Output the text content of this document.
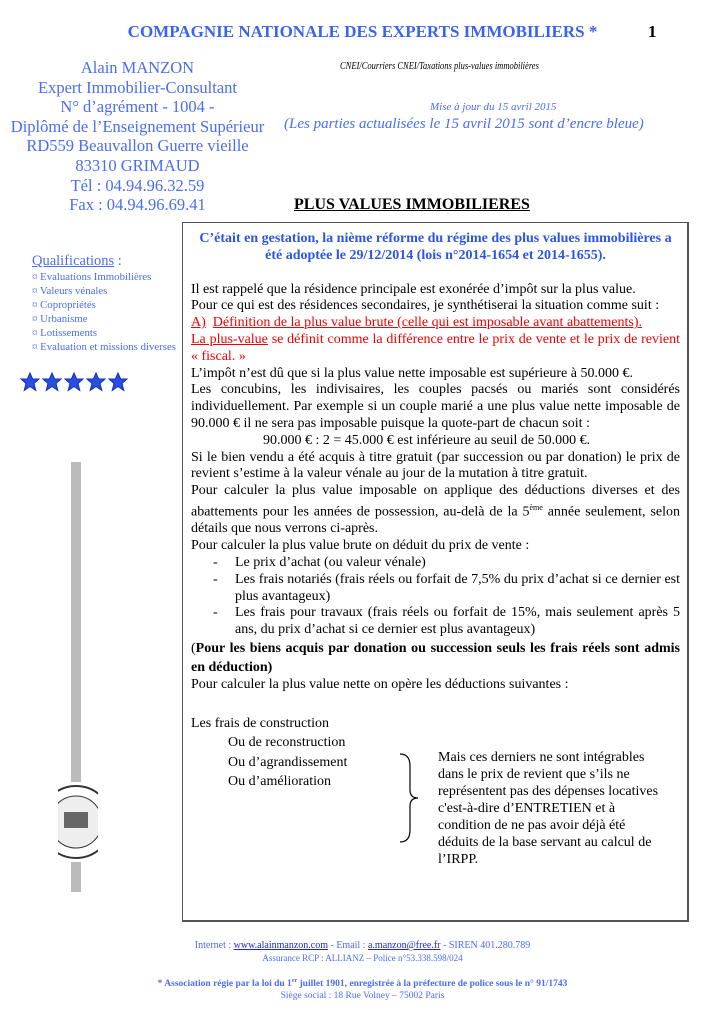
COMPAGNIE NATIONALE DES EXPERTS IMMOBILIERS *	1
Alain MANZON
Expert Immobilier-Consultant
N° d’agrément - 1004 -
Diplômé de l’Enseignement Supérieur
RD559 Beauvallon Guerre vieille
83310 GRIMAUD
Tél : 04.94.96.32.59
Fax : 04.94.96.69.41
CNEI/Courriers CNEI/Taxations plus-values immobilières
Mise à jour du 15 avril 2015
(Les parties actualisées le 15 avril 2015 sont d’encre bleue)
PLUS VALUES IMMOBILIERES
Qualifications :
¤ Evaluations Immobilières
¤ Valeurs vénales
¤ Copropriétés
¤ Urbanisme
¤ Lotissements
¤ Evaluation et missions diverses
C’était en gestation, la nième réforme du régime des plus values immobilières a été adoptée le 29/12/2014 (lois n°2014-1654 et 2014-1655).
Il est rappelé que la résidence principale est exonérée d’impôt sur la plus value.
Pour ce qui est des résidences secondaires, je synthétiserai la situation comme suit :
A) Définition de la plus value brute (celle qui est imposable avant abattements).
La plus-value se définit comme la différence entre le prix de vente et le prix de revient « fiscal. »
L’impôt n’est dû que si la plus value nette imposable est supérieure à 50.000 €.
Les concubins, les indivisaires, les couples pacsés ou mariés sont considérés individuellement. Par exemple si un couple marié a une plus value nette imposable de 90.000 € il ne sera pas imposable puisque la quote-part de chacun soit :
90.000 € : 2 = 45.000 € est inférieure au seuil de 50.000 €.
Si le bien vendu a été acquis à titre gratuit (par succession ou par donation) le prix de revient s’estime à la valeur vénale au jour de la mutation à titre gratuit.
Pour calculer la plus value imposable on applique des déductions diverses et des abattements pour les années de possession, au-delà de la 5ème année seulement, selon détails que nous verrons ci-après.
Pour calculer la plus value brute on déduit du prix de vente :
- Le prix d’achat (ou valeur vénale)
- Les frais notariés (frais réels ou forfait de 7,5% du prix d’achat si ce dernier est plus avantageux)
- Les frais pour travaux (frais réels ou forfait de 15%, mais seulement après 5 ans, du prix d’achat si ce dernier est plus avantageux)
(Pour les biens acquis par donation ou succession seuls les frais réels sont admis en déduction)
Pour calculer la plus value nette on opère les déductions suivantes :
Les frais de construction
Ou de reconstruction
Ou d’agrandissement
Ou d’amélioration
Mais ces derniers ne sont intégrables dans le prix de revient que s’ils ne représentent pas des dépenses locatives c'est-à-dire d’ENTRETIEN et à condition de ne pas avoir déjà été déduits de la base servant au calcul de l’IRPP.
Internet : www.alainmanzon.com - Email : a.manzon@free.fr - SIREN 401.280.789
Assurance RCP : ALLIANZ – Police n°53.338.598/024
* Association régie par la loi du 1er juillet 1901, enregistrée à la préfecture de police sous le n° 91/1743
Siège social : 18 Rue Volney – 75002 Paris
